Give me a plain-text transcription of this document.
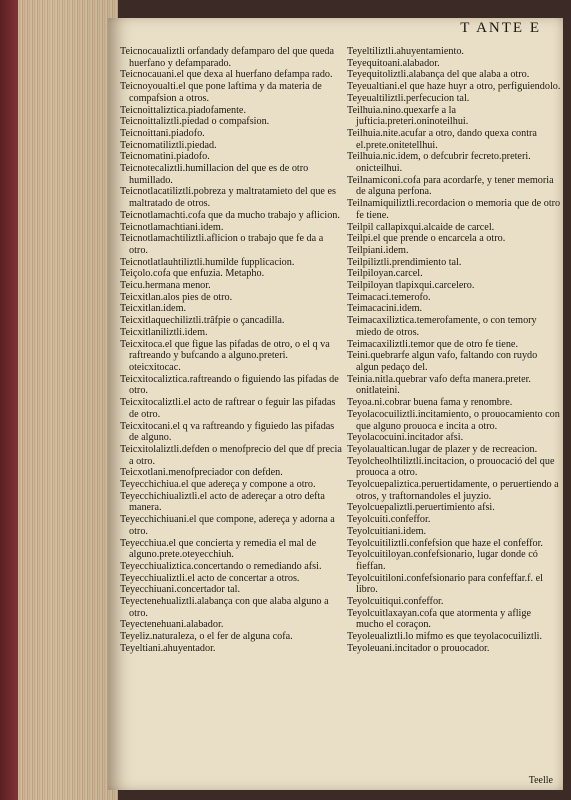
T ANTE E

Teicnocaualiztli orfandady defamparo del que queda huerfano y defamparado.

Teicnocauani.el que dexa al huerfano defampa rado.

Teicnoyoualti.el que pone laftima y da materia de compafsion a otros.

Teicnoittaliztica.piadofamente.

Teicnoittaliztli.piedad o compafsion.

Teicnoittani.piadofo.

Teicnomatiliztli.piedad.

Teicnomatini.piadofo.

Teicnotecaliztli.humillacion del que es de otro humillado.

Teicnotlacatiliztli.pobreza y maltratamieto del que es maltratado de otros.

Teicnotlamachti.cofa que da mucho trabajo y aflicion.

Teicnotlamachtiani.idem.

Teicnotlamachtiliztli.aflicion o trabajo que fe da a otro.

Teicnotlatlauhtiliztli.humilde fupplicacion.

Teiçolo.cofa que enfuzia. Metapho.

Teicu.hermana menor.

Teicxitlan.alos pies de otro.

Teicxitlan.idem.

Teicxitlaquechiliztli.trâfpie o çancadilla.

Teicxitlaniliztli.idem.

Teicxitoca.el que figue las pifadas de otro, o el q va raftreando y bufcando a alguno.preteri. oteicxitocac.

Teicxitocaliztica.raftreando o figuiendo las pifadas de otro.

Teicxitocaliztli.el acto de raftrear o feguir las pifadas de otro.

Teicxitocani.el q va raftreando y figuiedo las pifadas de alguno.

Teicxitolaliztli.defden o menofprecio del que df precia a otro.

Teicxotlani.menofpreciador con defden.

Teyecchichiua.el que adereça y compone a otro.

Teyecchichiualiztli.el acto de adereçar a otro defta manera.

Teyecchichiuani.el que compone, adereça y adorna a otro.

Teyecchiua.el que concierta y remedia el mal de alguno.prete.oteyecchiuh.

Teyecchiualiztica.concertando o remediando afsi.

Teyecchiualiztli.el acto de concertar a otros.

Teyecchiuani.concertador tal.

Teyectenehualiztli.alabança con que alaba alguno a otro.

Teyectenehuani.alabador.

Teyeliz.naturaleza, o el fer de alguna cofa.

Teyeltiani.ahuyentador.

Teyeltiliztli.ahuyentamiento.

Teyequitoani.alabador.

Teyequitoliztli.alabança del que alaba a otro.

Teyeualtiani.el que haze huyr a otro, perfiguiendolo.

Teyeualtiliztli.perfecucion tal.

Teilhuia.nino.quexarfe a la jufticia.preteri.oninoteilhui.

Teilhuia.nite.acufar a otro, dando quexa contra el.prete.onitetellhui.

Teilhuia.nic.idem, o defcubrir fecreto.preteri. onicteilhui.

Teilnamiconi.cofa para acordarfe, y tener memoria de alguna perfona.

Teilnamiquiliztli.recordacion o memoria que de otro fe tiene.

Teilpil callapixqui.alcaide de carcel.

Teilpi.el que prende o encarcela a otro.

Teilpiani.idem.

Teilpiliztli.prendimiento tal.

Teilpiloyan.carcel.

Teilpiloyan tlapixqui.carcelero.

Teimacaci.temerofo.

Teimacacini.idem.

Teimacaxiliztica.temerofamente, o con temory miedo de otros.

Teimacaxiliztli.temor que de otro fe tiene.

Teini.quebrarfe algun vafo, faltando con ruydo algun pedaço del.

Teinia.nitla.quebrar vafo defta manera.preter. onitlateini.

Teyoa.ni.cobrar buena fama y renombre.

Teyolacocuiliztli.incitamiento, o prouocamiento con que alguno prouoca e incita a otro.

Teyolacocuini.incitador afsi.

Teyolaualtican.lugar de plazer y de recreacion.

Teyolcheolhtiliztli.incitacion, o prouocació del que prouoca a otro.

Teyolcuepaliztica.peruertidamente, o peruertiendo a otros, y traftornandoles el juyzio.

Teyolcuepaliztli.peruertimiento afsi.

Teyolcuiti.confeffor.

Teyolcuitiani.idem.

Teyolcuitiliztli.confefsion que haze el confeffor.

Teyolcuitiloyan.confefsionario, lugar donde có fieffan.

Teyolcuitiloni.confefsionario para confeffar.f. el libro.

Teyolcuitiqui.confeffor.

Teyolcuitlaxayan.cofa que atormenta y aflige mucho el coraçon.

Teyoleualiztli.lo mifmo es que teyolacocuiliztli.

Teyoleuani.incitador o prouocador.

Teelle
